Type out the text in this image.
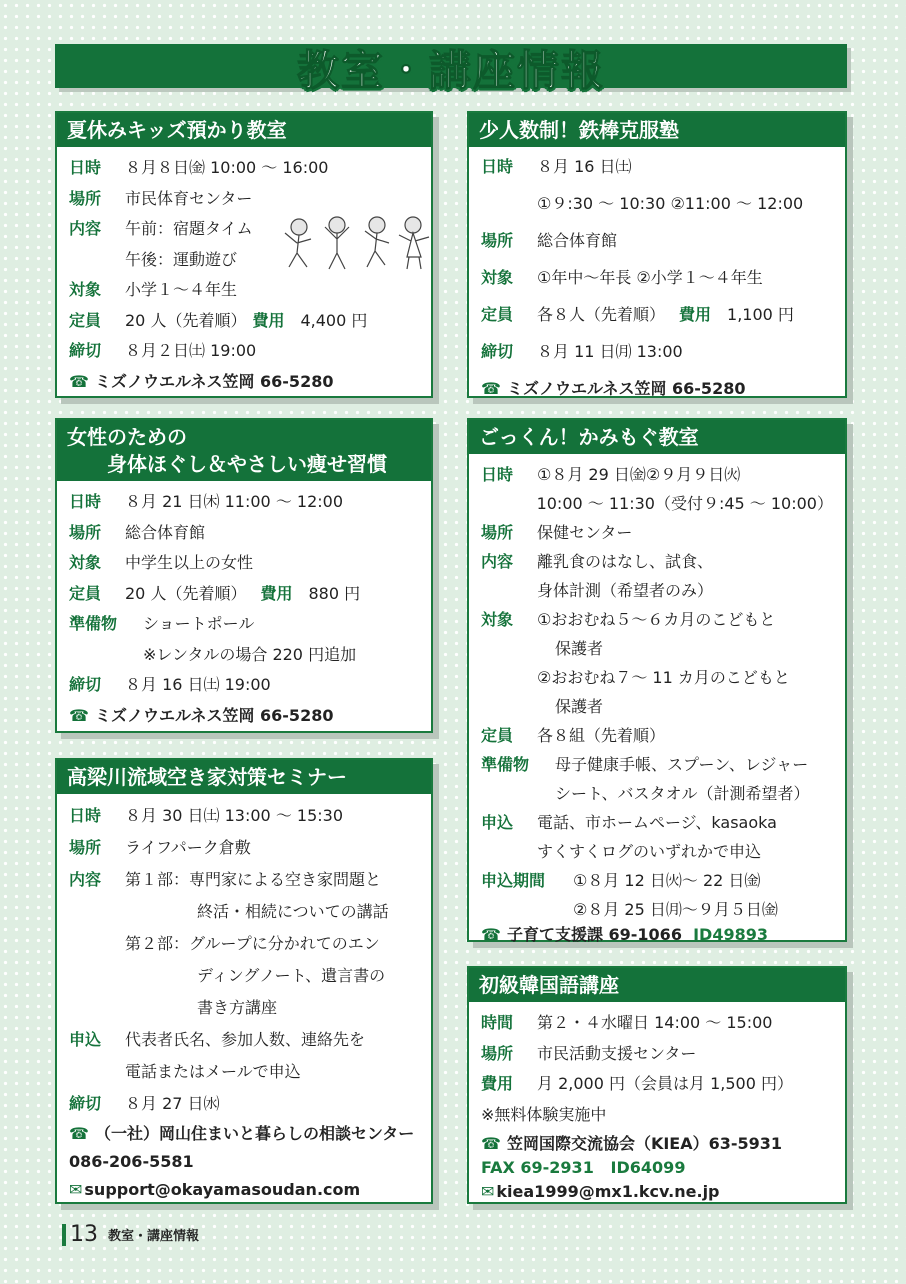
教室・講座情報
夏休みキッズ預かり教室
日時	８月８日㈮ 10:00 ～ 16:00
場所	市民体育センター
内容	午前：宿題タイム
午後：運動遊び
対象	小学１～４年生
定員	20 人（先着順） 費用 4,400 円
締切	８月２日㈯ 19:00
☎ ミズノウエルネス笠岡 66-5280
少人数制！鉄棒克服塾
日時	８月 16 日㈯
①９:30 ～ 10:30 ②11:00 ～ 12:00
場所	総合体育館
対象	①年中～年長 ②小学１～４年生
定員	各８人（先着順） 費用 1,100 円
締切	８月 11 日㈪ 13:00
☎ ミズノウエルネス笠岡 66-5280
女性のための
身体ほぐし＆やさしい痩せ習慣
日時	８月 21 日㈭ 11:00 ～ 12:00
場所	総合体育館
対象	中学生以上の女性
定員	20 人（先着順） 費用 880 円
準備物	ショートポール
※レンタルの場合 220 円追加
締切	８月 16 日㈯ 19:00
☎ ミズノウエルネス笠岡 66-5280
ごっくん！かみもぐ教室
日時	①８月 29 日㈮②９月９日㈫
10:00 ～ 11:30（受付９:45 ～ 10:00）
場所	保健センター
内容	離乳食のはなし、試食、
身体計測（希望者のみ）
対象	①おおむね５～６カ月のこどもと
保護者
②おおむね７～ 11 カ月のこどもと
保護者
定員	各８組（先着順）
準備物	母子健康手帳、スプーン、レジャー
シート、バスタオル（計測希望者）
申込	電話、市ホームページ、kasaoka
すくすくログのいずれかで申込
申込期間	①８月 12 日㈫～ 22 日㈮
②８月 25 日㈪～９月５日㈮
☎ 子育て支援課 69-1066 ID49893
高梁川流域空き家対策セミナー
日時	８月 30 日㈯ 13:00 ～ 15:30
場所	ライフパーク倉敷
内容	第１部：専門家による空き家問題と
終活・相続についての講話
第２部：グループに分かれてのエン
ディングノート、遺言書の
書き方講座
申込	代表者氏名、参加人数、連絡先を
電話またはメールで申込
締切	８月 27 日㈬
☎ （一社）岡山住まいと暮らしの相談センター
086-206-5581
✉ support@okayamasoudan.com
初級韓国語講座
時間	第２・４水曜日 14:00 ～ 15:00
場所	市民活動支援センター
費用	月 2,000 円（会員は月 1,500 円）
※無料体験実施中
☎ 笠岡国際交流協会（KIEA）63-5931
FAX 69-2931 ID64099
✉ kiea1999@mx1.kcv.ne.jp
13 教室・講座情報
